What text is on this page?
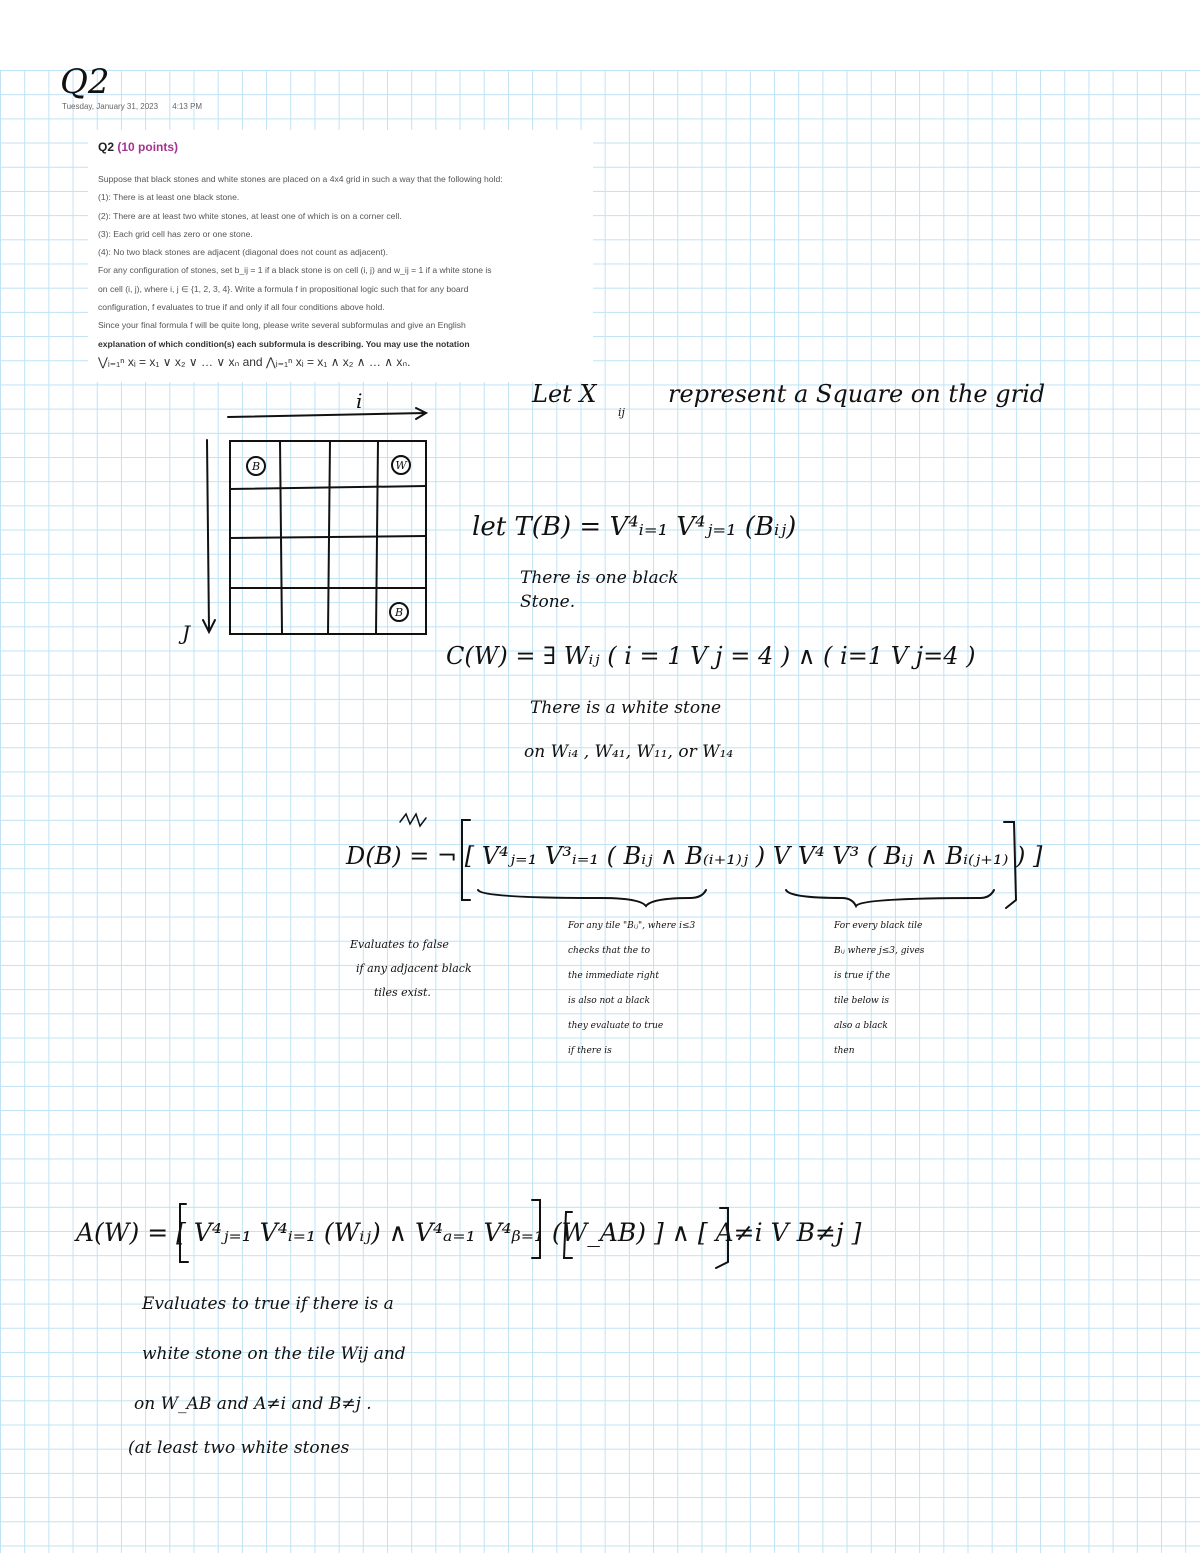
Q2
Tuesday, January 31, 2023 4:13 PM
Q2 (10 points)
Suppose that black stones and white stones are placed on a 4x4 grid in such a way that the following hold:
(1): There is at least one black stone.
(2): There are at least two white stones, at least one of which is on a corner cell.
(3): Each grid cell has zero or one stone.
(4): No two black stones are adjacent (diagonal does not count as adjacent).
For any configuration of stones, set b_ij = 1 if a black stone is on cell (i, j) and w_ij = 1 if a white stone is
on cell (i, j), where i, j ∈ {1, 2, 3, 4}. Write a formula f in propositional logic such that for any board
configuration, f evaluates to true if and only if all four conditions above hold.
Since your final formula f will be quite long, please write several subformulas and give an English
explanation of which condition(s) each subformula is describing. You may use the notation
⋁ᵢ₌₁ⁿ xᵢ = x₁ ∨ x₂ ∨ … ∨ xₙ and ⋀ᵢ₌₁ⁿ xᵢ = x₁ ∧ x₂ ∧ … ∧ xₙ.
B	W
B
i
J
Let X
ij
represent a Square on the grid
let T(B) = V⁴ᵢ₌₁ V⁴ⱼ₌₁ (Bᵢⱼ)
There is one black
Stone.
C(W) = ∃ Wᵢⱼ ( i = 1 V j = 4 ) ∧ ( i=1 V j=4 )
There is a white stone
on Wᵢ₄ , W₄₁, W₁₁, or W₁₄
D(B) = ¬ [ V⁴ⱼ₌₁ V³ᵢ₌₁ ( Bᵢⱼ ∧ B₍ᵢ₊₁₎ⱼ ) V V⁴ V³ ( Bᵢⱼ ∧ Bᵢ₍ⱼ₊₁₎ ) ]
Evaluates to false
if any adjacent black
tiles exist.
For any tile "Bᵢⱼ", where i≤3
checks that the to
the immediate right
is also not a black
they evaluate to true
if there is
For every black tile
Bᵢⱼ where j≤3, gives
is true if the
tile below is
also a black
then
A(W) = [ V⁴ⱼ₌₁ V⁴ᵢ₌₁ (Wᵢⱼ) ∧ V⁴ₐ₌₁ V⁴ᵦ₌₁ (W_AB) ] ∧ [ A≠i V B≠j ]
Evaluates to true if there is a
white stone on the tile Wij and
on W_AB and A≠i and B≠j .
(at least two white stones
